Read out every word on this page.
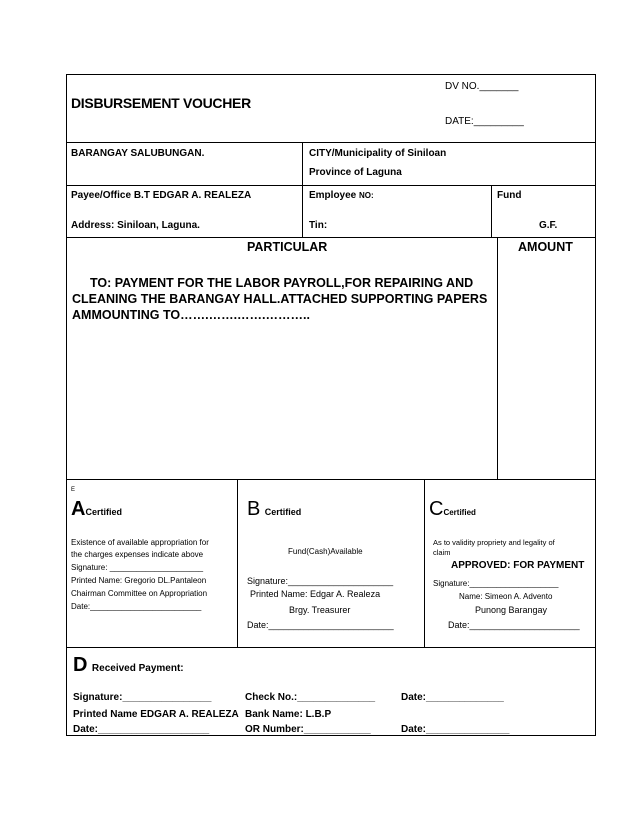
DISBURSEMENT VOUCHER
DV NO._______
DATE:_________
BARANGAY SALUBUNGAN.	CITY/Municipality of Siniloan
Province of Laguna
Payee/Office B.T EDGAR A. REALEZA
Address: Siniloan, Laguna.
Employee NO:
Tin:
Fund
G.F.
PARTICULAR	AMOUNT
TO: PAYMENT FOR THE LABOR PAYROLL,FOR REPAIRING AND CLEANING THE BARANGAY HALL.ATTACHED SUPPORTING PAPERS AMMOUNTING TO…….…….…….………..
E
ACertified
Existence of available appropriation for
the charges expenses indicate above
Signature: _____________________
Printed Name: Gregorio DL.Pantaleon
Chairman Committee on Appropriation
Date:_________________________
B Certified
Fund(Cash)Available
Signature:_____________________
Printed Name: Edgar A. Realeza
Brgy. Treasurer
Date:_________________________
CCertified
As to validity propriety and legality of
claim
APPROVED: FOR PAYMENT
Signature:____________________
Name: Simeon A. Advento
Punong Barangay
Date:______________________
D Received Payment:
Signature:________________
Printed Name EDGAR A. REALEZA
Date:____________________
Check No.:______________
Bank Name: L.B.P
OR Number:____________
Date:______________
Date:_______________
